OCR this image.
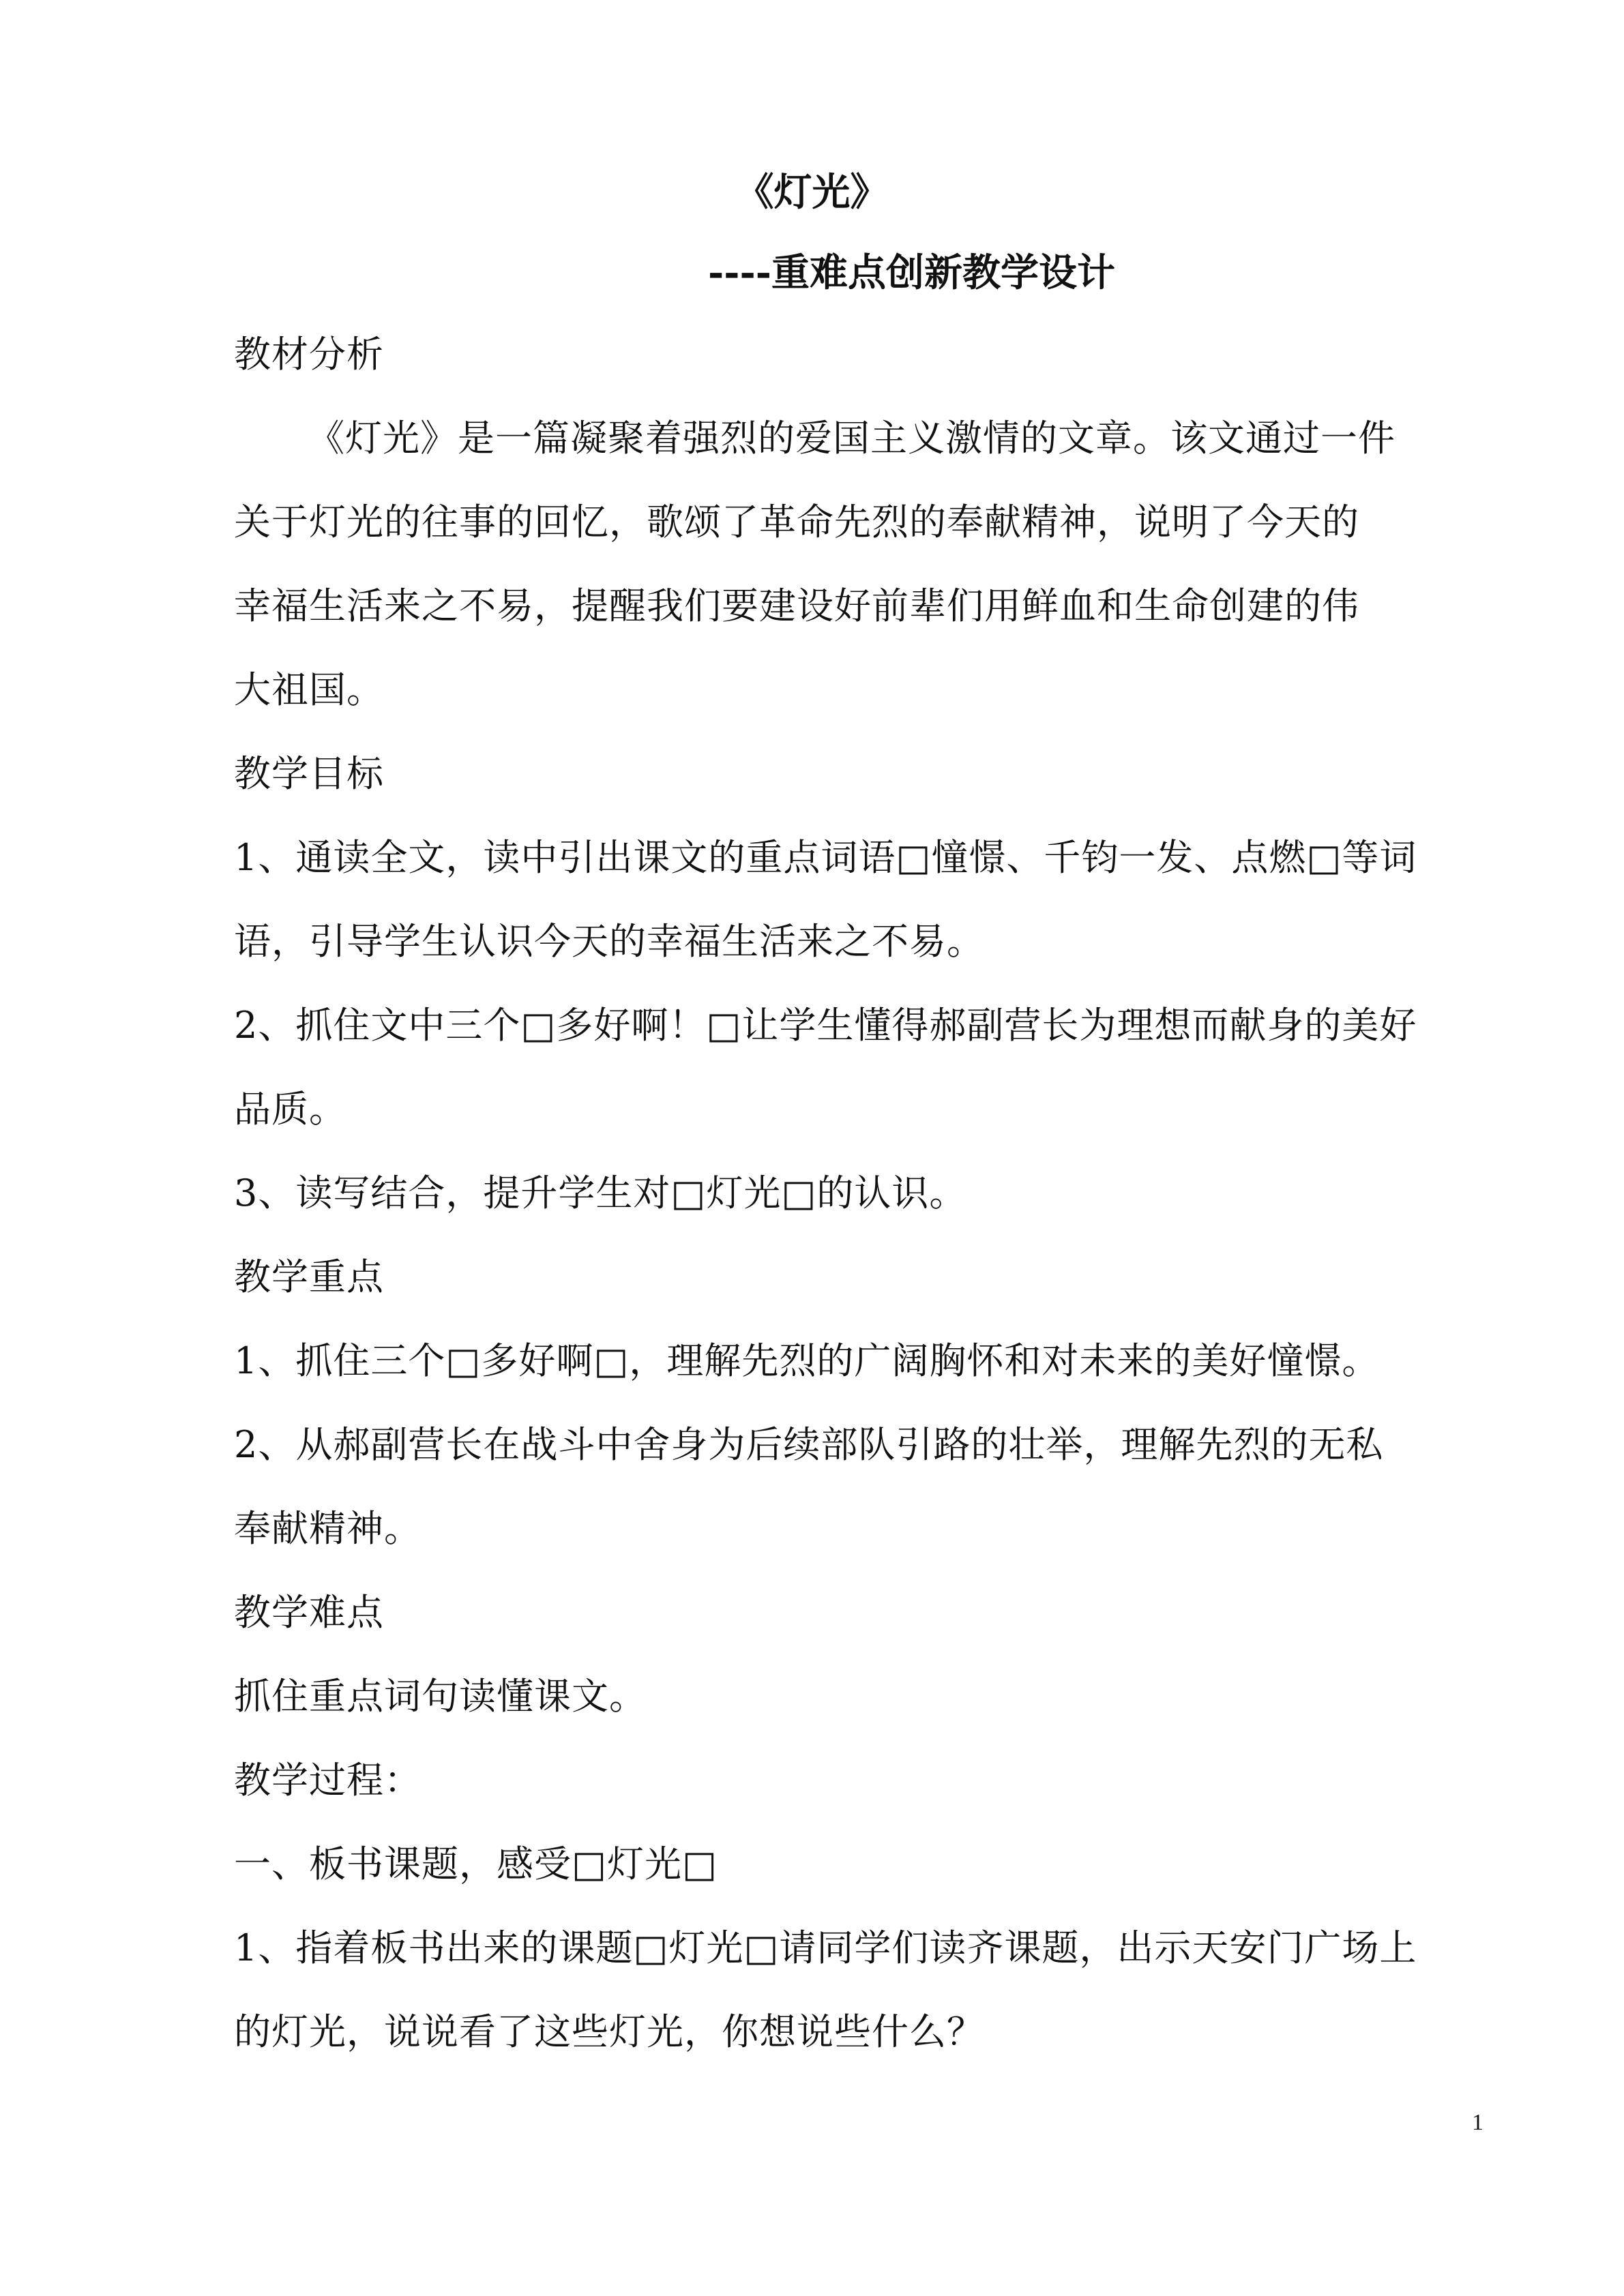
《灯光》
----重难点创新教学设计
教材分析
《灯光》是一篇凝聚着强烈的爱国主义激情的文章。该文通过一件
关于灯光的往事的回忆，歌颂了革命先烈的奉献精神，说明了今天的
幸福生活来之不易，提醒我们要建设好前辈们用鲜血和生命创建的伟
大祖国。
教学目标
1、通读全文，读中引出课文的重点词语□憧憬、千钧一发、点燃□等词
语，引导学生认识今天的幸福生活来之不易。
2、抓住文中三个□多好啊！□让学生懂得郝副营长为理想而献身的美好
品质。
3、读写结合，提升学生对□灯光□的认识。
教学重点
1、抓住三个□多好啊□，理解先烈的广阔胸怀和对未来的美好憧憬。
2、从郝副营长在战斗中舍身为后续部队引路的壮举，理解先烈的无私
奉献精神。
教学难点
抓住重点词句读懂课文。
教学过程：
一、板书课题，感受□灯光□
1、指着板书出来的课题□灯光□请同学们读齐课题，出示天安门广场上
的灯光，说说看了这些灯光，你想说些什么？
1
